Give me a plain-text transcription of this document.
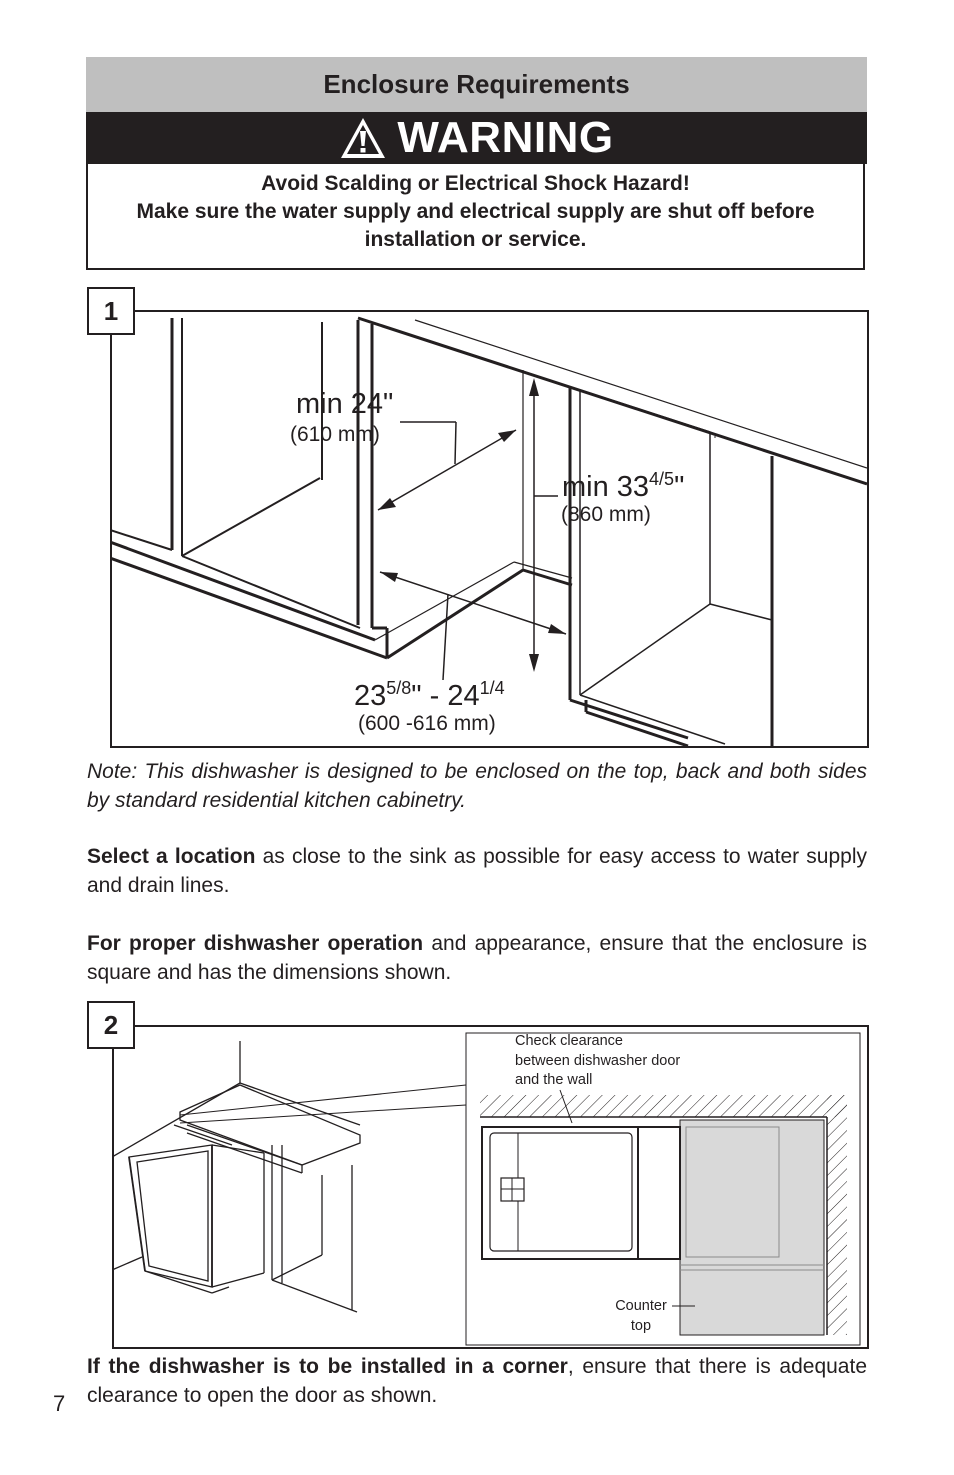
Enclosure Requirements
WARNING
Avoid Scalding or Electrical Shock Hazard!
Make sure the water supply and electrical supply are shut off before
installation or service.
1
min 24"
(610 mm)
$\min 33^{4/5}$"
(860 mm)
$23^{5/8}$" - $24^{1/4}$
(600 -616 mm)
Note: This dishwasher is designed to be enclosed on the top, back and both sides by standard residential kitchen cabinetry.
Select a location as close to the sink as possible for easy access to water supply and drain lines.
For proper dishwasher operation and appearance, ensure that the enclosure is square and has the dimensions shown.
2
Check clearance
between dishwasher door
and the wall
Counter
top
If the dishwasher is to be installed in a corner, ensure that there is adequate clearance to open the door as shown.
7
